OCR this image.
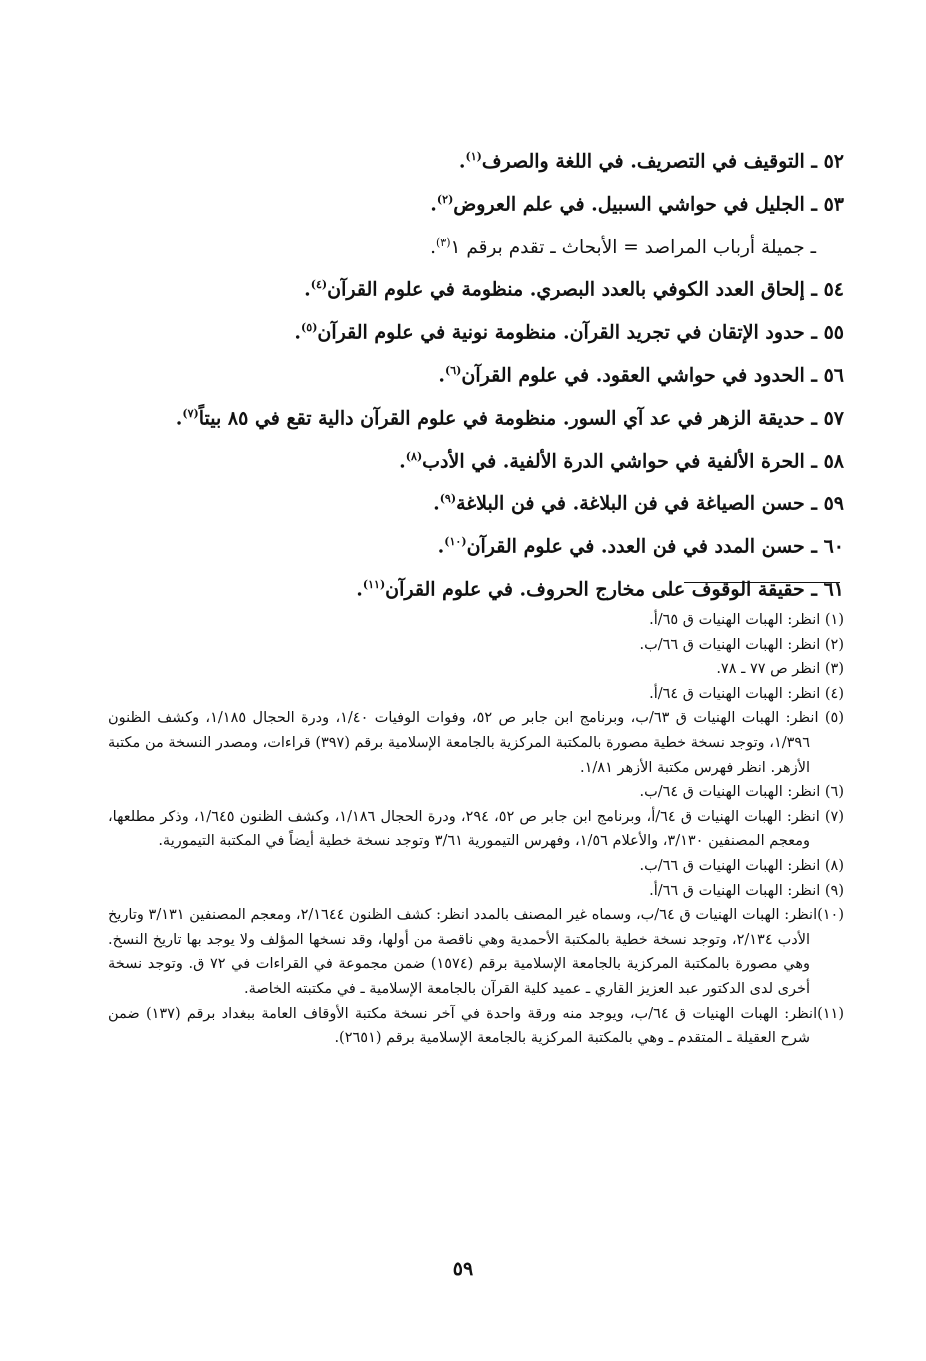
٥٢ ـ التوقيف في التصريف. في اللغة والصرف$^{(١)}$.
٥٣ ـ الجليل في حواشي السبيل. في علم العروض$^{(٢)}$.
ـ جميلة أرباب المراصد = الأبحاث ـ تقدم برقم ١$^{(٣)}$.
٥٤ ـ إلحاق العدد الكوفي بالعدد البصري. منظومة في علوم القرآن$^{(٤)}$.
٥٥ ـ حدود الإتقان في تجريد القرآن. منظومة نونية في علوم القرآن$^{(٥)}$.
٥٦ ـ الحدود في حواشي العقود. في علوم القرآن$^{(٦)}$.
٥٧ ـ حديقة الزهر في عد آي السور. منظومة في علوم القرآن دالية تقع في ٨٥ بيتاً$^{(٧)}$.
٥٨ ـ الحرة الألفية في حواشي الدرة الألفية. في الأدب$^{(٨)}$.
٥٩ ـ حسن الصياغة في فن البلاغة. في فن البلاغة$^{(٩)}$.
٦٠ ـ حسن المدد في فن العدد. في علوم القرآن$^{(١٠)}$.
٦١ ـ حقيقة الوقوف على مخارج الحروف. في علوم القرآن$^{(١١)}$.
(١) انظر: الهبات الهنيات ق ٦٥/أ.
(٢) انظر: الهبات الهنيات ق ٦٦/ب.
(٣) انظر ص ٧٧ ـ ٧٨.
(٤) انظر: الهبات الهنيات ق ٦٤/أ.
(٥) انظر: الهبات الهنيات ق ٦٣/ب، وبرنامج ابن جابر ص ٥٢، وفوات الوفيات ١/٤٠، ودرة الحجال ١/١٨٥، وكشف الظنون ١/٣٩٦، وتوجد نسخة خطية مصورة بالمكتبة المركزية بالجامعة الإسلامية برقم (٣٩٧) قراءات، ومصدر النسخة من مكتبة الأزهر. انظر فهرس مكتبة الأزهر ١/٨١.
(٦) انظر: الهبات الهنيات ق ٦٤/ب.
(٧) انظر: الهبات الهنيات ق ٦٤/أ، وبرنامج ابن جابر ص ٥٢، ٢٩٤، ودرة الحجال ١/١٨٦، وكشف الظنون ١/٦٤٥، وذكر مطلعها، ومعجم المصنفين ٣/١٣٠، والأعلام ١/٥٦، وفهرس التيمورية ٣/٦١ وتوجد نسخة خطية أيضاً في المكتبة التيمورية.
(٨) انظر: الهبات الهنيات ق ٦٦/ب.
(٩) انظر: الهبات الهنيات ق ٦٦/أ.
(١٠)انظر: الهبات الهنيات ق ٦٤/ب، وسماه غير المصنف بالمدد انظر: كشف الظنون ٢/١٦٤٤، ومعجم المصنفين ٣/١٣١ وتاريخ الأدب ٢/١٣٤، وتوجد نسخة خطية بالمكتبة الأحمدية وهي ناقصة من أولها، وقد نسخها المؤلف ولا يوجد بها تاريخ النسخ. وهي مصورة بالمكتبة المركزية بالجامعة الإسلامية برقم (١٥٧٤) ضمن مجموعة في القراءات في ٧٢ ق. وتوجد نسخة أخرى لدى الدكتور عبد العزيز القاري ـ عميد كلية القرآن بالجامعة الإسلامية ـ في مكتبته الخاصة.
(١١)انظر: الهبات الهنيات ق ٦٤/ب، ويوجد منه ورقة واحدة في آخر نسخة مكتبة الأوقاف العامة ببغداد برقم (١٣٧) ضمن شرح العقيلة ـ المتقدم ـ وهي بالمكتبة المركزية بالجامعة الإسلامية برقم (٢٦٥١).
٥٩
